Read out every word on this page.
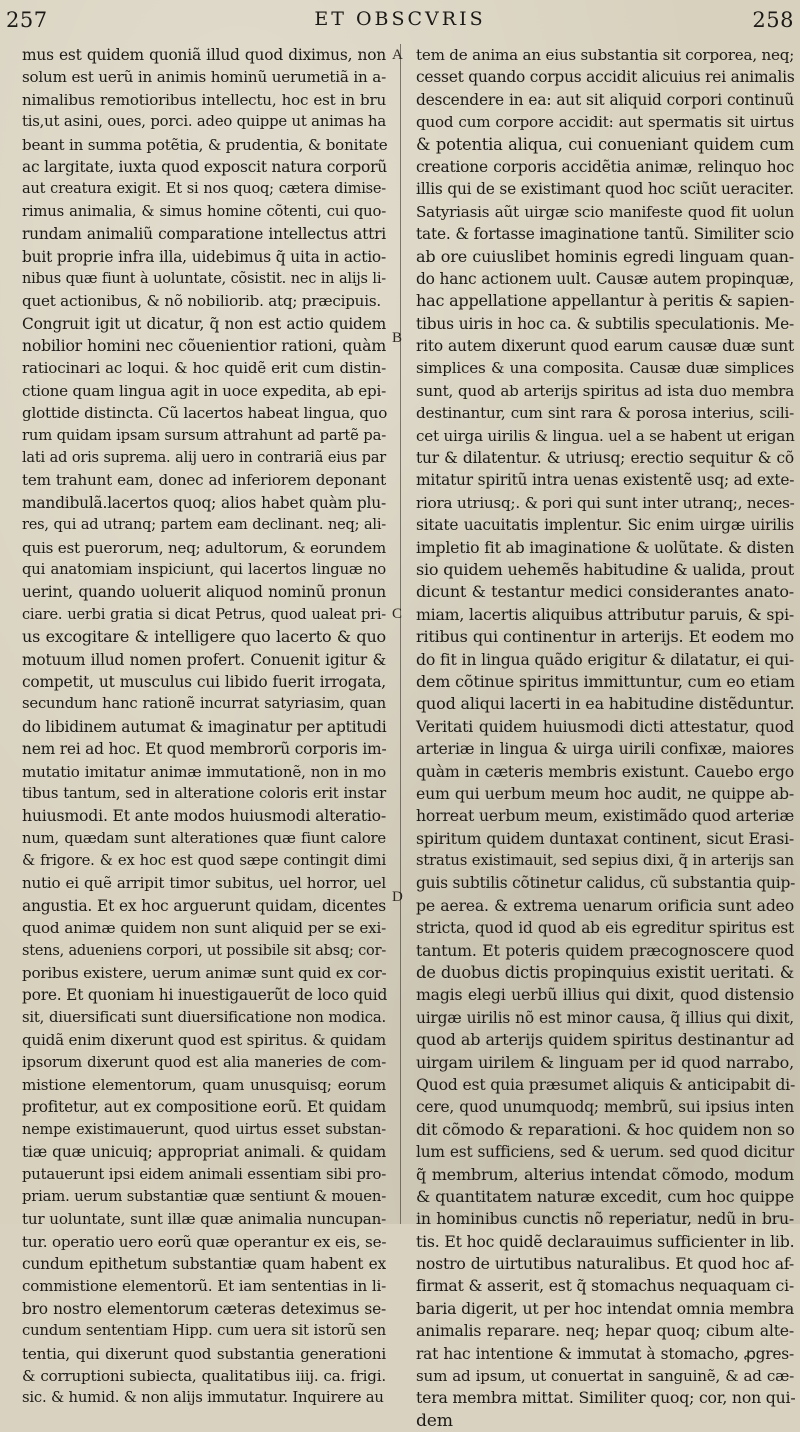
257	ET OBSCVRIS	258
mus est quidem quoniã illud quod diximus, non
solum est uerũ in animis hominũ uerumetiã in a-
nimalibus remotioribus intellectu, hoc est in bru
tis,ut asini, oues, porci. adeo quippe ut animas ha
beant in summa potẽtia, & prudentia, & bonitate
ac largitate, iuxta quod exposcit natura corporũ
aut creatura exigit. Et si nos quoq; cætera dimise-
rimus animalia, & simus homine cõtenti, cui quo-
rundam animaliũ comparatione intellectus attri
buit proprie infra illa, uidebimus q̃ uita in actio-
nibus quæ fiunt à uoluntate, cõsistit. nec in alijs li-
quet actionibus, & nõ nobiliorib. atq; præcipuis.
Congruit igit ut dicatur, q̃ non est actio quidem
nobilior homini nec cõuenientior rationi, quàm
ratiocinari ac loqui. & hoc quidẽ erit cum distin-
ctione quam lingua agit in uoce expedita, ab epi-
glottide distincta. Cũ lacertos habeat lingua, quo
rum quidam ipsam sursum attrahunt ad partẽ pa-
lati ad oris suprema. alij uero in contrariã eius par
tem trahunt eam, donec ad inferiorem deponant
mandibulã.lacertos quoq; alios habet quàm plu-
res, qui ad utranq; partem eam declinant. neq; ali-
quis est puerorum, neq; adultorum, & eorundem
qui anatomiam inspiciunt, qui lacertos linguæ no
uerint, quando uoluerit aliquod nominũ pronun
ciare. uerbi gratia si dicat Petrus, quod ualeat pri-
us excogitare & intelligere quo lacerto & quo
motuum illud nomen profert. Conuenit igitur &
competit, ut musculus cui libido fuerit irrogata,
secundum hanc rationẽ incurrat satyriasim, quan
do libidinem autumat & imaginatur per aptitudi
nem rei ad hoc. Et quod membrorũ corporis im-
mutatio imitatur animæ immutationẽ, non in mo
tibus tantum, sed in alteratione coloris erit instar
huiusmodi. Et ante modos huiusmodi alteratio-
num, quædam sunt alterationes quæ fiunt calore
& frigore. & ex hoc est quod sæpe contingit dimi
nutio ei quẽ arripit timor subitus, uel horror, uel
angustia. Et ex hoc arguerunt quidam, dicentes
quod animæ quidem non sunt aliquid per se exi-
stens, adueniens corpori, ut possibile sit absq; cor-
poribus existere, uerum animæ sunt quid ex cor-
pore. Et quoniam hi inuestigauerũt de loco quid
sit, diuersificati sunt diuersificatione non modica.
quidã enim dixerunt quod est spiritus. & quidam
ipsorum dixerunt quod est alia maneries de com-
mistione elementorum, quam unusquisq; eorum
profitetur, aut ex compositione eorũ. Et quidam
nempe existimauerunt, quod uirtus esset substan-
tiæ quæ unicuiq; appropriat animali. & quidam
putauerunt ipsi eidem animali essentiam sibi pro-
priam. uerum substantiæ quæ sentiunt & mouen-
tur uoluntate, sunt illæ quæ animalia nuncupan-
tur. operatio uero eorũ quæ operantur ex eis, se-
cundum epithetum substantiæ quam habent ex
commistione elementorũ. Et iam sententias in li-
bro nostro elementorum cæteras deteximus se-
cundum sententiam Hipp. cum uera sit istorũ sen
tentia, qui dixerunt quod substantia generationi
& corruptioni subiecta, qualitatibus iiij. ca. frigi.
sic. & humid. & non alijs immutatur. Inquirere au
tem de anima an eius substantia sit corporea, neq;
cesset quando corpus accidit alicuius rei animalis
descendere in ea: aut sit aliquid corpori continuũ
quod cum corpore accidit: aut spermatis sit uirtus
& potentia aliqua, cui conueniant quidem cum
creatione corporis accidẽtia animæ, relinquo hoc
illis qui de se existimant quod hoc sciũt ueraciter.
Satyriasis aũt uirgæ scio manifeste quod fit uolun
tate. & fortasse imaginatione tantũ. Similiter scio
ab ore cuiuslibet hominis egredi linguam quan-
do hanc actionem uult. Causæ autem propinquæ,
hac appellatione appellantur à peritis & sapien-
tibus uiris in hoc ca. & subtilis speculationis. Me-
rito autem dixerunt quod earum causæ duæ sunt
simplices & una composita. Causæ duæ simplices
sunt, quod ab arterijs spiritus ad ista duo membra
destinantur, cum sint rara & porosa interius, scili-
cet uirga uirilis & lingua. uel a se habent ut erigan
tur & dilatentur. & utriusq; erectio sequitur & cõ
mitatur spiritũ intra uenas existentẽ usq; ad exte-
riora utriusq;. & pori qui sunt inter utranq;, neces-
sitate uacuitatis implentur. Sic enim uirgæ uirilis
impletio fit ab imaginatione & uolũtate. & disten
sio quidem uehemẽs habitudine & ualida, prout
dicunt & testantur medici considerantes anato-
miam, lacertis aliquibus attributur paruis, & spi-
ritibus qui continentur in arterijs. Et eodem mo
do fit in lingua quãdo erigitur & dilatatur, ei qui-
dem cõtinue spiritus immittuntur, cum eo etiam
quod aliqui lacerti in ea habitudine distẽduntur.
Veritati quidem huiusmodi dicti attestatur, quod
arteriæ in lingua & uirga uirili confixæ, maiores
quàm in cæteris membris existunt. Cauebo ergo
eum qui uerbum meum hoc audit, ne quippe ab-
horreat uerbum meum, existimãdo quod arteriæ
spiritum quidem duntaxat continent, sicut Erasi-
stratus existimauit, sed sepius dixi, q̃ in arterijs san
guis subtilis cõtinetur calidus, cũ substantia quip-
pe aerea. & extrema uenarum orificia sunt adeo
stricta, quod id quod ab eis egreditur spiritus est
tantum. Et poteris quidem præcognoscere quod
de duobus dictis propinquius existit ueritati. &
magis elegi uerbũ illius qui dixit, quod distensio
uirgæ uirilis nõ est minor causa, q̃ illius qui dixit,
quod ab arterijs quidem spiritus destinantur ad
uirgam uirilem & linguam per id quod narrabo,
Quod est quia præsumet aliquis & anticipabit di-
cere, quod unumquodq; membrũ, sui ipsius inten
dit cõmodo & reparationi. & hoc quidem non so
lum est sufficiens, sed & uerum. sed quod dicitur
q̃ membrum, alterius intendat cõmodo, modum
& quantitatem naturæ excedit, cum hoc quippe
in hominibus cunctis nõ reperiatur, nedũ in bru-
tis. Et hoc quidẽ declarauimus sufficienter in lib.
nostro de uirtutibus naturalibus. Et quod hoc af-
firmat & asserit, est q̃ stomachus nequaquam ci-
baria digerit, ut per hoc intendat omnia membra
animalis reparare. neq; hepar quoq; cibum alte-
rat hac intentione & immutat à stomacho, ꝓgres-
sum ad ipsum, ut conuertat in sanguinẽ, & ad cæ-
tera membra mittat. Similiter quoq; cor, non qui-
dem
A
B
C
D
